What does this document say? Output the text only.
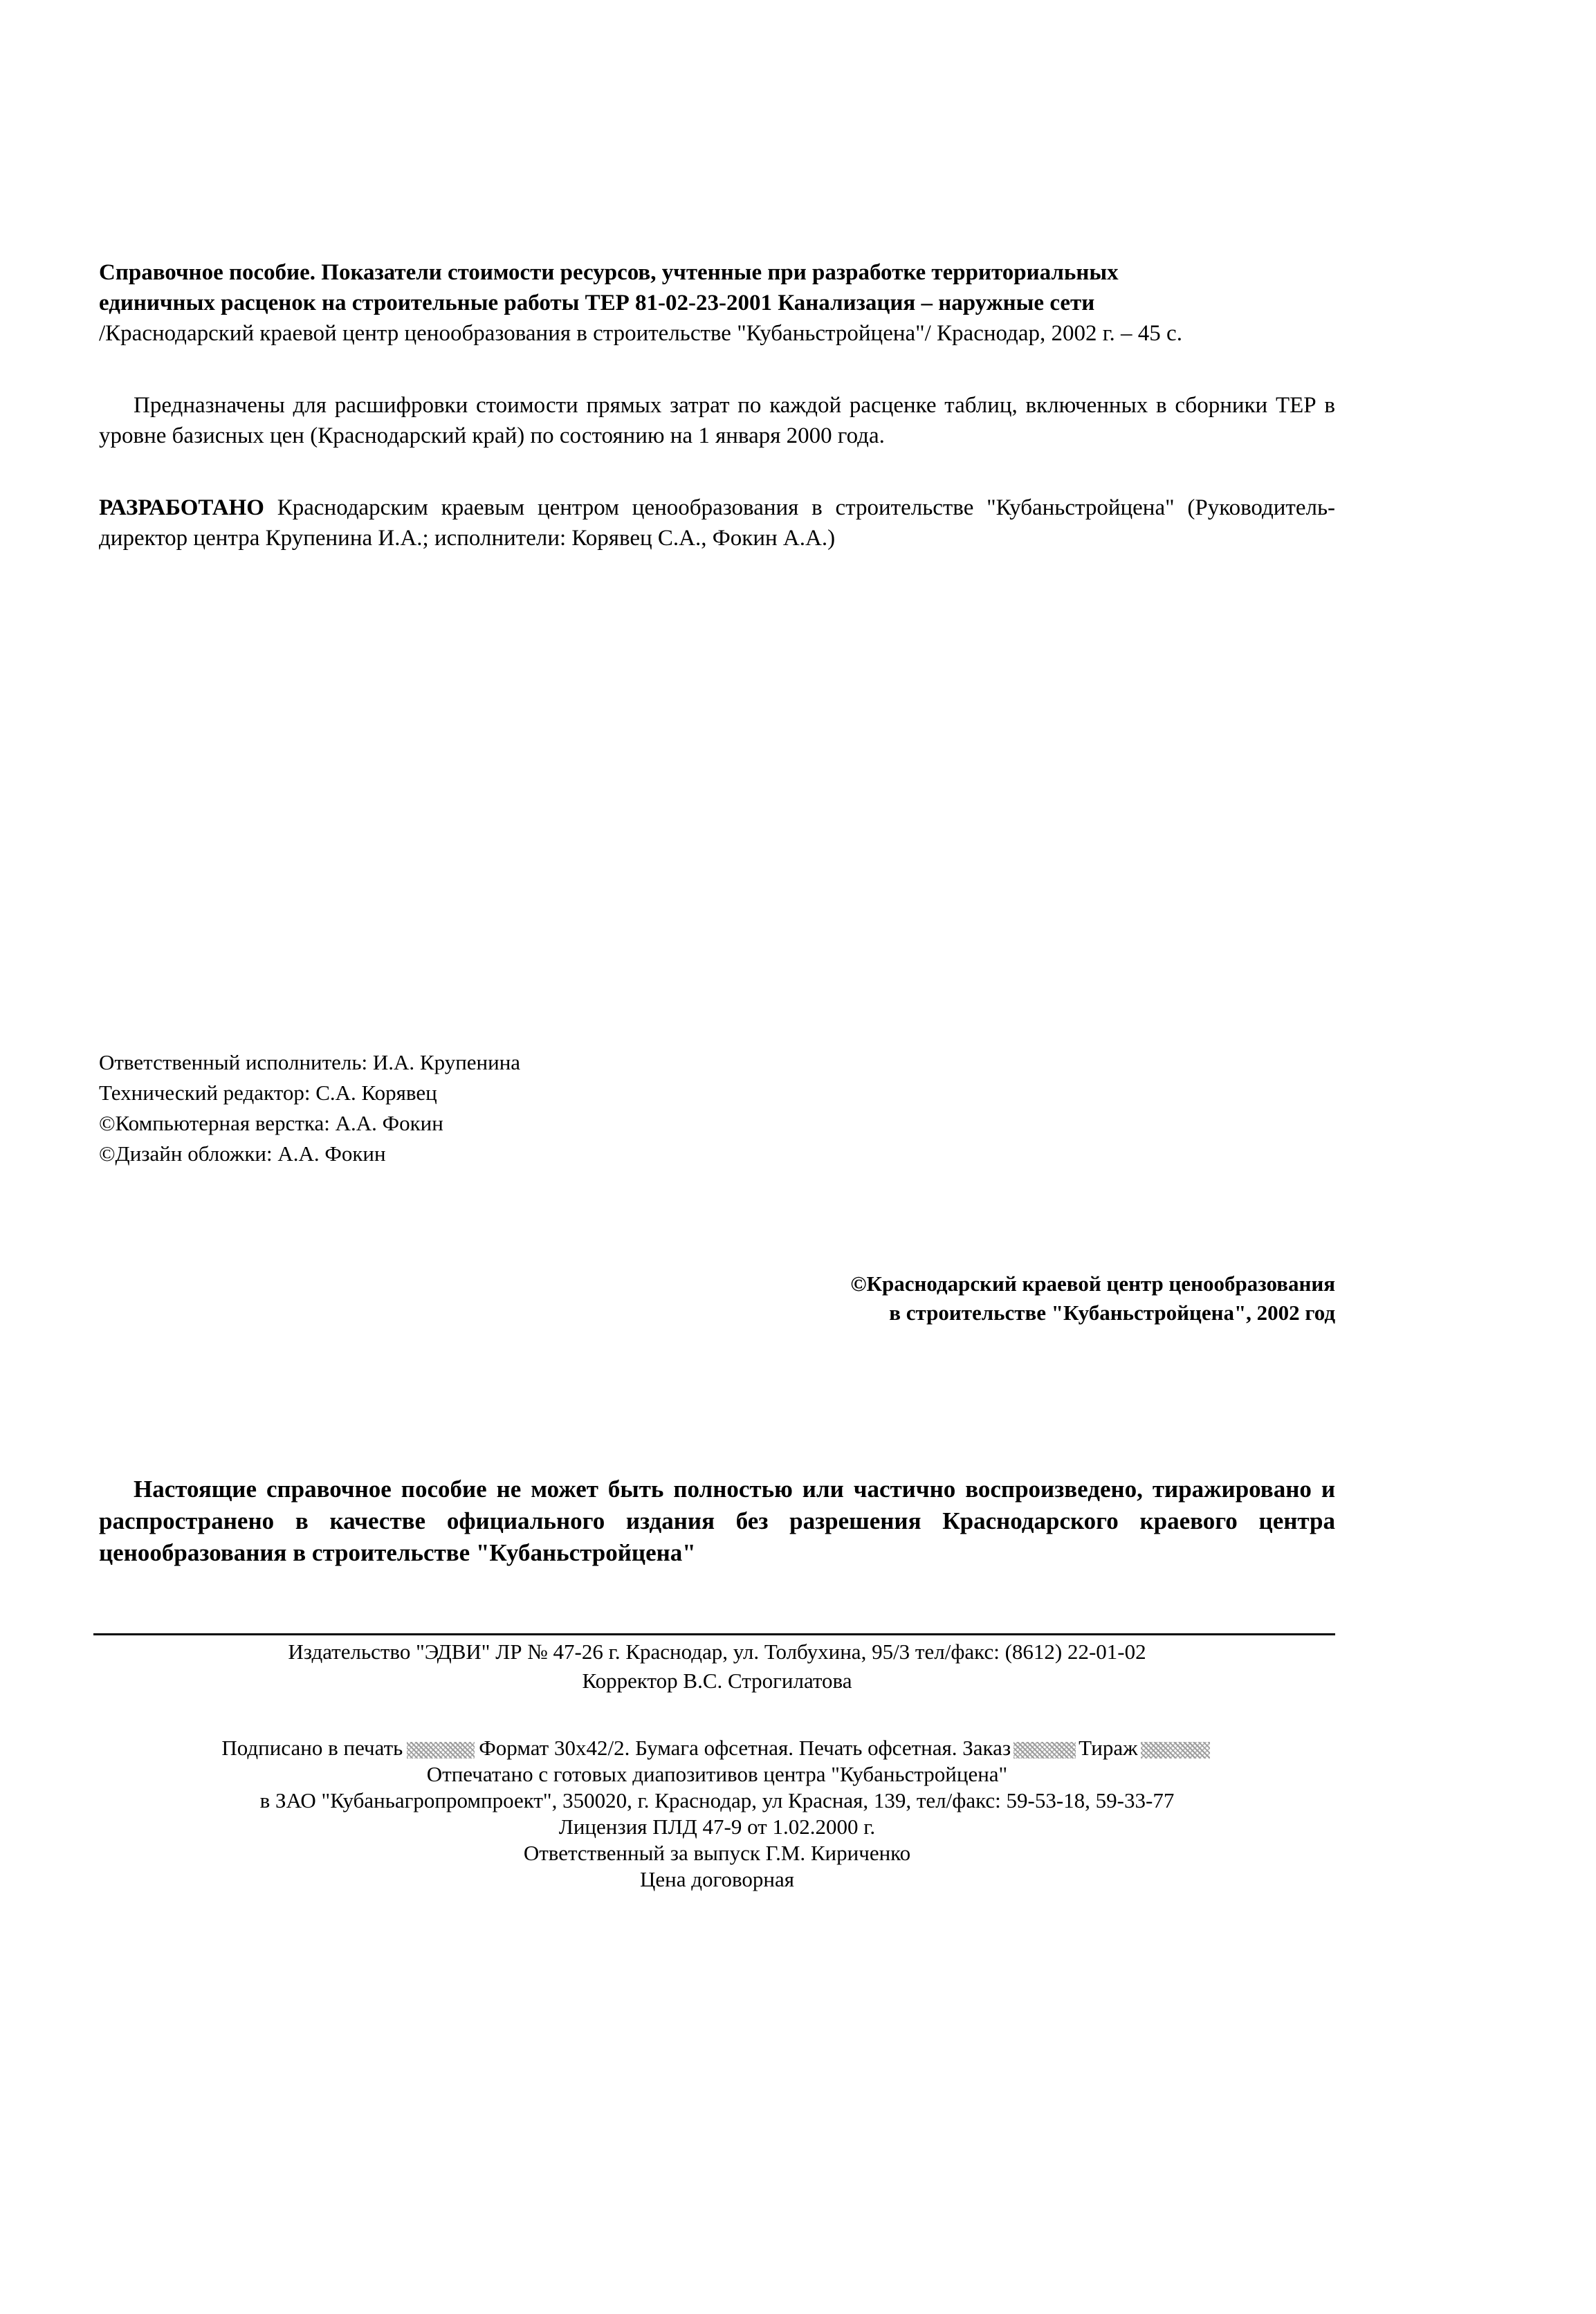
Справочное пособие. Показатели стоимости ресурсов, учтенные при разработке территориальных
единичных расценок на строительные работы ТЕР 81-02-23-2001 Канализация – наружные сети
/Краснодарский краевой центр ценообразования в строительстве "Кубаньстройцена"/ Краснодар, 2002 г. – 45 с.

Предназначены для расшифровки стоимости прямых затрат по каждой расценке таблиц, включенных в сборники ТЕР в уровне базисных цен (Краснодарский край) по состоянию на 1 января 2000 года.

РАЗРАБОТАНО Краснодарским краевым центром ценообразования в строительстве "Кубаньстройцена" (Руководитель-директор центра Крупенина И.А.; исполнители: Корявец С.А., Фокин А.А.)

Ответственный исполнитель: И.А. Крупенина
Технический редактор: С.А. Корявец
©Компьютерная верстка: А.А. Фокин
©Дизайн обложки: А.А. Фокин
©Краснодарский краевой центр ценообразования
в строительстве "Кубаньстройцена", 2002 год

Настоящие справочное пособие не может быть полностью или частично воспроизведено, тиражировано и распространено в качестве официального издания без разрешения Краснодарского краевого центра ценообразования в строительстве "Кубаньстройцена"

Издательство "ЭДВИ" ЛР № 47-26 г. Краснодар, ул. Толбухина, 95/3 тел/факс: (8612) 22-01-02
Корректор В.С. Строгилатова
Подписано в печать	Формат 30x42/2. Бумага офсетная. Печать офсетная. Заказ	Тираж
Отпечатано с готовых диапозитивов центра "Кубаньстройцена"
в ЗАО "Кубаньагропромпроект", 350020, г. Краснодар, ул Красная, 139, тел/факс: 59-53-18, 59-33-77
Лицензия ПЛД 47-9 от 1.02.2000 г.
Ответственный за выпуск Г.М. Кириченко
Цена договорная
